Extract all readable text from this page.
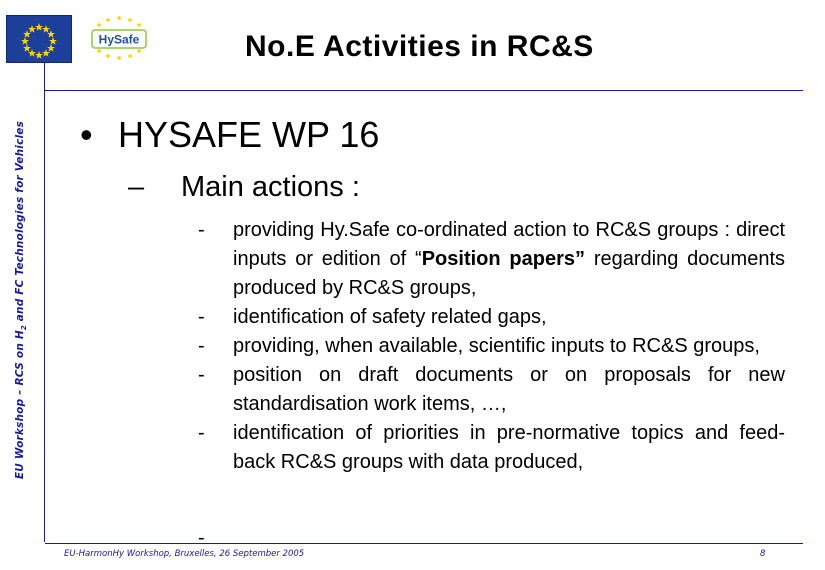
HySafe
EU Workshop – RCS on $H_2$ and FC Technologies for Vehicles
No.E Activities in RC&S
• HYSAFE WP 16
– Main actions :
- providing Hy.Safe co-ordinated action to RC&S groups : direct inputs or edition of “Position papers” regarding documents produced by RC&S groups,
- identification of safety related gaps,
- providing, when available, scientific inputs to RC&S groups,
- position on draft documents or on proposals for new standardisation work items, …,
- identification of priorities in pre-normative topics and feed-back RC&S groups with data produced,
-
EU-HarmonHy Workshop, Bruxelles, 26 September 2005	8
